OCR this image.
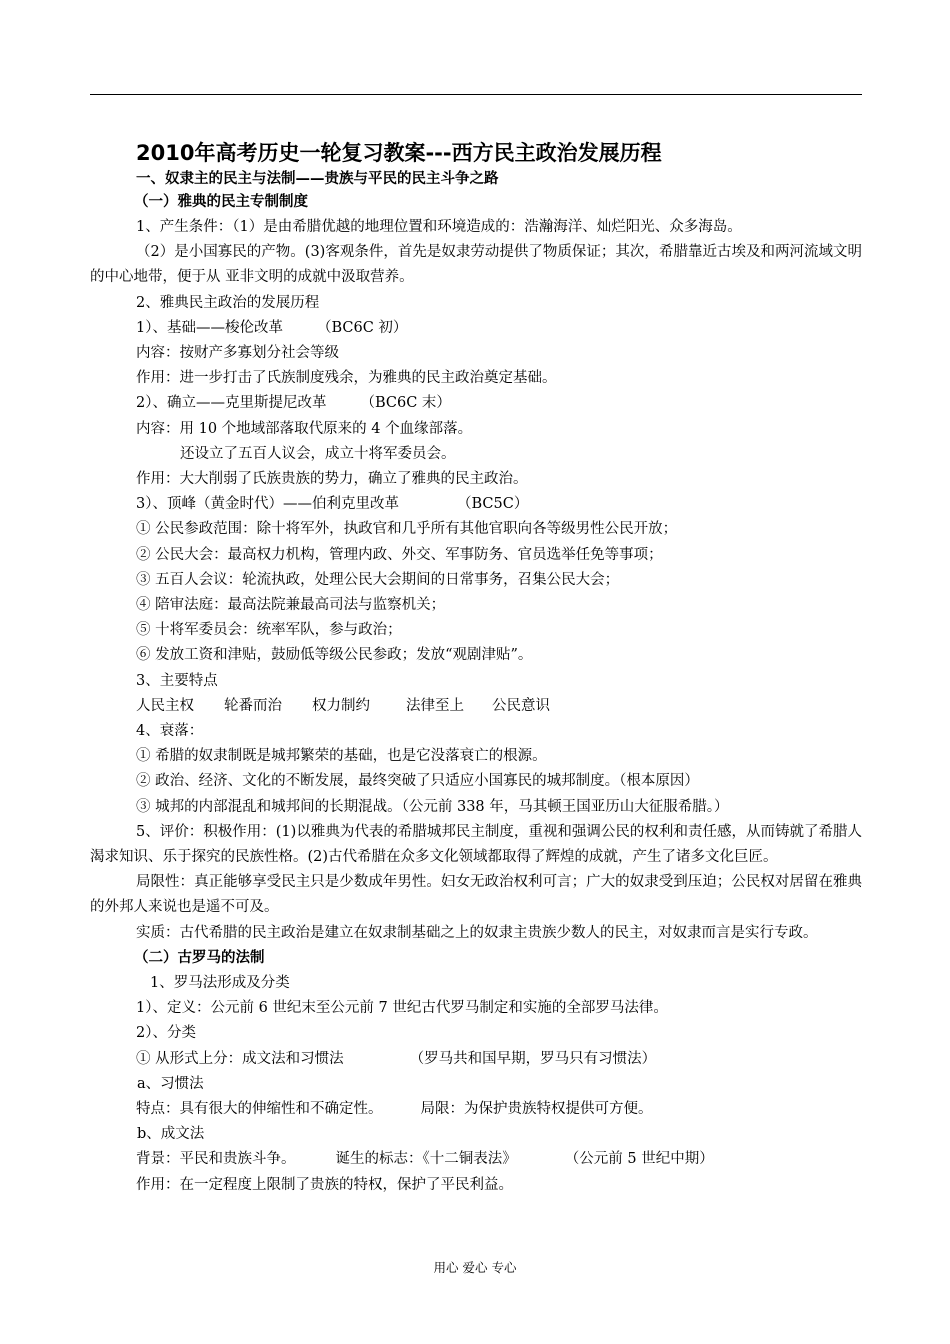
2010年高考历史一轮复习教案---西方民主政治发展历程
一、奴隶主的民主与法制——贵族与平民的民主斗争之路
（一）雅典的民主专制制度
1、产生条件：（1）是由希腊优越的地理位置和环境造成的：浩瀚海洋、灿烂阳光、众多海岛。
（2）是小国寡民的产物。(3)客观条件，首先是奴隶劳动提供了物质保证；其次，希腊靠近古埃及和两河流域文明的中心地带，便于从 亚非文明的成就中汲取营养。
2、雅典民主政治的发展历程
1）、基础——梭伦改革 （BC6C 初）
内容：按财产多寡划分社会等级
作用：进一步打击了氏族制度残余，为雅典的民主政治奠定基础。
2）、确立——克里斯提尼改革 （BC6C 末）
内容：用 10 个地域部落取代原来的 4 个血缘部落。
还设立了五百人议会，成立十将军委员会。
作用：大大削弱了氏族贵族的势力，确立了雅典的民主政治。
3）、顶峰（黄金时代）——伯利克里改革	（BC5C）
① 公民参政范围：除十将军外，执政官和几乎所有其他官职向各等级男性公民开放；
② 公民大会：最高权力机构，管理内政、外交、军事防务、官员选举任免等事项；
③ 五百人会议：轮流执政，处理公民大会期间的日常事务，召集公民大会；
④ 陪审法庭：最高法院兼最高司法与监察机关；
⑤ 十将军委员会：统率军队，参与政治；
⑥ 发放工资和津贴，鼓励低等级公民参政；发放“观剧津贴”。
3、主要特点
人民主权 轮番而治 权力制约 法律至上 公民意识
4、衰落：
① 希腊的奴隶制既是城邦繁荣的基础，也是它没落衰亡的根源。
② 政治、经济、文化的不断发展，最终突破了只适应小国寡民的城邦制度。（根本原因）
③ 城邦的内部混乱和城邦间的长期混战。（公元前 338 年，马其顿王国亚历山大征服希腊。）
5、评价：积极作用：(1)以雅典为代表的希腊城邦民主制度，重视和强调公民的权利和责任感，从而铸就了希腊人渴求知识、乐于探究的民族性格。(2)古代希腊在众多文化领域都取得了辉煌的成就，产生了诸多文化巨匠。
局限性：真正能够享受民主只是少数成年男性。妇女无政治权利可言；广大的奴隶受到压迫；公民权对居留在雅典的外邦人来说也是遥不可及。
实质：古代希腊的民主政治是建立在奴隶制基础之上的奴隶主贵族少数人的民主，对奴隶而言是实行专政。
（二）古罗马的法制
1、罗马法形成及分类
1）、定义：公元前 6 世纪末至公元前 7 世纪古代罗马制定和实施的全部罗马法律。
2）、分类
① 从形式上分：成文法和习惯法	（罗马共和国早期，罗马只有习惯法）
a、习惯法
特点：具有很大的伸缩性和不确定性。	局限：为保护贵族特权提供可方便。
b、成文法
背景：平民和贵族斗争。	诞生的标志：《十二铜表法》	（公元前 5 世纪中期）
作用：在一定程度上限制了贵族的特权，保护了平民利益。
用心 爱心 专心
